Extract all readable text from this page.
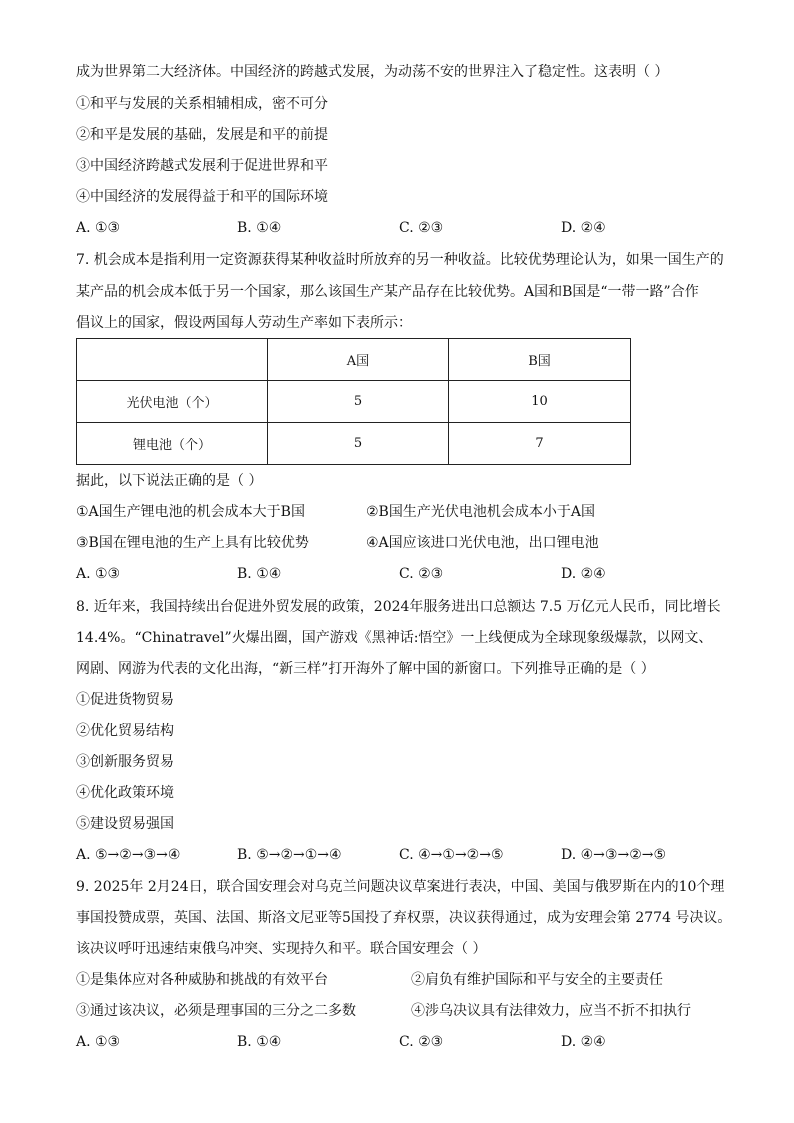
成为世界第二大经济体。中国经济的跨越式发展，为动荡不安的世界注入了稳定性。这表明（ ）
①和平与发展的关系相辅相成，密不可分
②和平是发展的基础，发展是和平的前提
③中国经济跨越式发展利于促进世界和平
④中国经济的发展得益于和平的国际环境
A. ①③	B. ①④	C. ②③	D. ②④
7. 机会成本是指利用一定资源获得某种收益时所放弃的另一种收益。比较优势理论认为，如果一国生产的
某产品的机会成本低于另一个国家，那么该国生产某产品存在比较优势。A国和B国是“一带一路”合作
倡议上的国家，假设两国每人劳动生产率如下表所示：
	A国	B国
光伏电池（个）	5	10
锂电池（个）	5	7
据此，以下说法正确的是（ ）
①A国生产锂电池的机会成本大于B国	②B国生产光伏电池机会成本小于A国
③B国在锂电池的生产上具有比较优势	④A国应该进口光伏电池，出口锂电池
A. ①③	B. ①④	C. ②③	D. ②④
8. 近年来，我国持续出台促进外贸发展的政策，2024年服务进出口总额达 7.5 万亿元人民币，同比增长
14.4%。“Chinatravel”火爆出圈，国产游戏《黑神话:悟空》一上线便成为全球现象级爆款，以网文、
网剧、网游为代表的文化出海，“新三样”打开海外了解中国的新窗口。下列推导正确的是（ ）
①促进货物贸易
②优化贸易结构
③创新服务贸易
④优化政策环境
⑤建设贸易强国
A. ⑤→②→③→④	B. ⑤→②→①→④	C. ④→①→②→⑤	D. ④→③→②→⑤
9. 2025年 2月24日，联合国安理会对乌克兰问题决议草案进行表决，中国、美国与俄罗斯在内的10个理
事国投赞成票，英国、法国、斯洛文尼亚等5国投了弃权票，决议获得通过，成为安理会第 2774 号决议。
该决议呼吁迅速结束俄乌冲突、实现持久和平。联合国安理会（ ）
①是集体应对各种威胁和挑战的有效平台	②肩负有维护国际和平与安全的主要责任
③通过该决议，必须是理事国的三分之二多数	④涉乌决议具有法律效力，应当不折不扣执行
A. ①③	B. ①④	C. ②③	D. ②④
